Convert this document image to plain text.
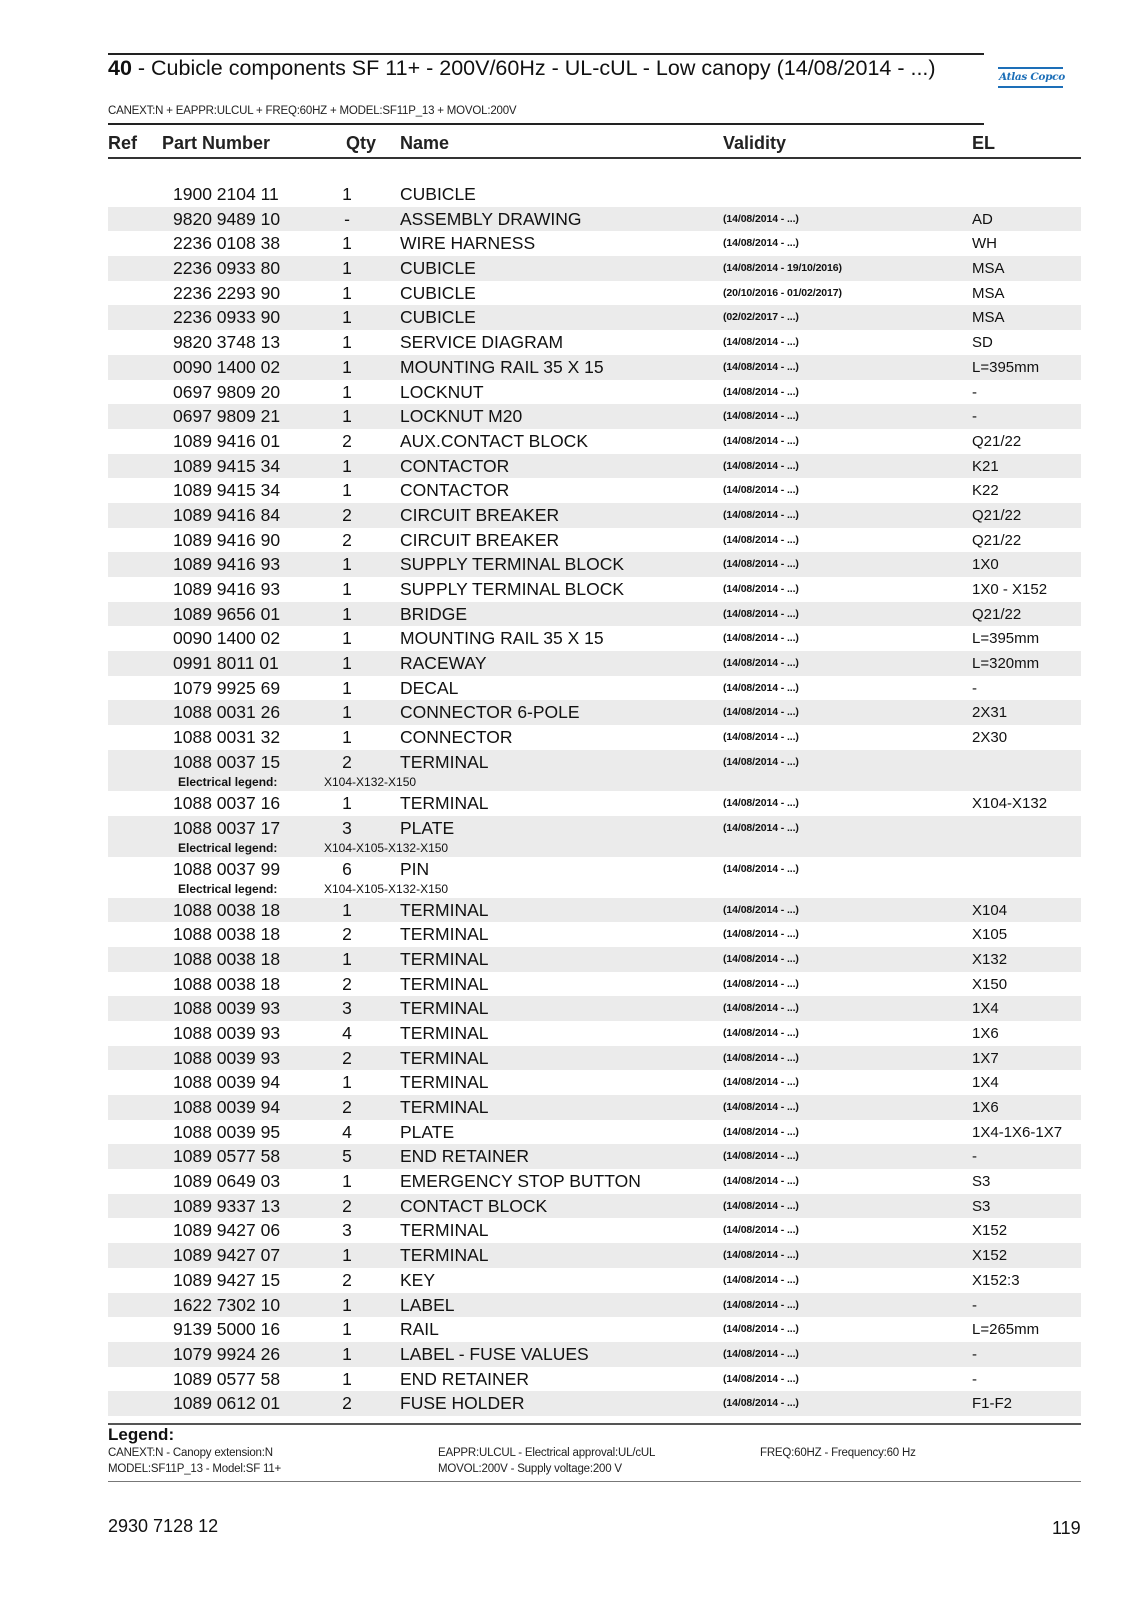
40 - Cubicle components SF 11+ - 200V/60Hz - UL-cUL - Low canopy (14/08/2014 - ...)
CANEXT:N + EAPPR:ULCUL + FREQ:60HZ + MODEL:SF11P_13 + MOVOL:200V
Atlas Copco
Ref Part Number	Qty Name	Validity	EL
1900 2104 11	1	CUBICLE
9820 9489 10	-	ASSEMBLY DRAWING	(14/08/2014 - ...)	AD
2236 0108 38	1	WIRE HARNESS	(14/08/2014 - ...)	WH
2236 0933 80	1	CUBICLE	(14/08/2014 - 19/10/2016)	MSA
2236 2293 90	1	CUBICLE	(20/10/2016 - 01/02/2017)	MSA
2236 0933 90	1	CUBICLE	(02/02/2017 - ...)	MSA
9820 3748 13	1	SERVICE DIAGRAM	(14/08/2014 - ...)	SD
0090 1400 02	1	MOUNTING RAIL 35 X 15	(14/08/2014 - ...)	L=395mm
0697 9809 20	1	LOCKNUT	(14/08/2014 - ...)	-
0697 9809 21	1	LOCKNUT M20	(14/08/2014 - ...)	-
1089 9416 01	2	AUX.CONTACT BLOCK	(14/08/2014 - ...)	Q21/22
1089 9415 34	1	CONTACTOR	(14/08/2014 - ...)	K21
1089 9415 34	1	CONTACTOR	(14/08/2014 - ...)	K22
1089 9416 84	2	CIRCUIT BREAKER	(14/08/2014 - ...)	Q21/22
1089 9416 90	2	CIRCUIT BREAKER	(14/08/2014 - ...)	Q21/22
1089 9416 93	1	SUPPLY TERMINAL BLOCK	(14/08/2014 - ...)	1X0
1089 9416 93	1	SUPPLY TERMINAL BLOCK	(14/08/2014 - ...)	1X0 - X152
1089 9656 01	1	BRIDGE	(14/08/2014 - ...)	Q21/22
0090 1400 02	1	MOUNTING RAIL 35 X 15	(14/08/2014 - ...)	L=395mm
0991 8011 01	1	RACEWAY	(14/08/2014 - ...)	L=320mm
1079 9925 69	1	DECAL	(14/08/2014 - ...)	-
1088 0031 26	1	CONNECTOR 6-POLE	(14/08/2014 - ...)	2X31
1088 0031 32	1	CONNECTOR	(14/08/2014 - ...)	2X30
1088 0037 15	2	TERMINAL	(14/08/2014 - ...)
Electrical legend:	X104-X132-X150
1088 0037 16	1	TERMINAL	(14/08/2014 - ...)	X104-X132
1088 0037 17	3	PLATE	(14/08/2014 - ...)
Electrical legend:	X104-X105-X132-X150
1088 0037 99	6	PIN	(14/08/2014 - ...)
Electrical legend:	X104-X105-X132-X150
1088 0038 18	1	TERMINAL	(14/08/2014 - ...)	X104
1088 0038 18	2	TERMINAL	(14/08/2014 - ...)	X105
1088 0038 18	1	TERMINAL	(14/08/2014 - ...)	X132
1088 0038 18	2	TERMINAL	(14/08/2014 - ...)	X150
1088 0039 93	3	TERMINAL	(14/08/2014 - ...)	1X4
1088 0039 93	4	TERMINAL	(14/08/2014 - ...)	1X6
1088 0039 93	2	TERMINAL	(14/08/2014 - ...)	1X7
1088 0039 94	1	TERMINAL	(14/08/2014 - ...)	1X4
1088 0039 94	2	TERMINAL	(14/08/2014 - ...)	1X6
1088 0039 95	4	PLATE	(14/08/2014 - ...)	1X4-1X6-1X7
1089 0577 58	5	END RETAINER	(14/08/2014 - ...)	-
1089 0649 03	1	EMERGENCY STOP BUTTON	(14/08/2014 - ...)	S3
1089 9337 13	2	CONTACT BLOCK	(14/08/2014 - ...)	S3
1089 9427 06	3	TERMINAL	(14/08/2014 - ...)	X152
1089 9427 07	1	TERMINAL	(14/08/2014 - ...)	X152
1089 9427 15	2	KEY	(14/08/2014 - ...)	X152:3
1622 7302 10	1	LABEL	(14/08/2014 - ...)	-
9139 5000 16	1	RAIL	(14/08/2014 - ...)	L=265mm
1079 9924 26	1	LABEL - FUSE VALUES	(14/08/2014 - ...)	-
1089 0577 58	1	END RETAINER	(14/08/2014 - ...)	-
1089 0612 01	2	FUSE HOLDER	(14/08/2014 - ...)	F1-F2
Legend:
CANEXT:N - Canopy extension:N
MODEL:SF11P_13 - Model:SF 11+
EAPPR:ULCUL - Electrical approval:UL/cUL
MOVOL:200V - Supply voltage:200 V
FREQ:60HZ - Frequency:60 Hz
2930 7128 12	119
